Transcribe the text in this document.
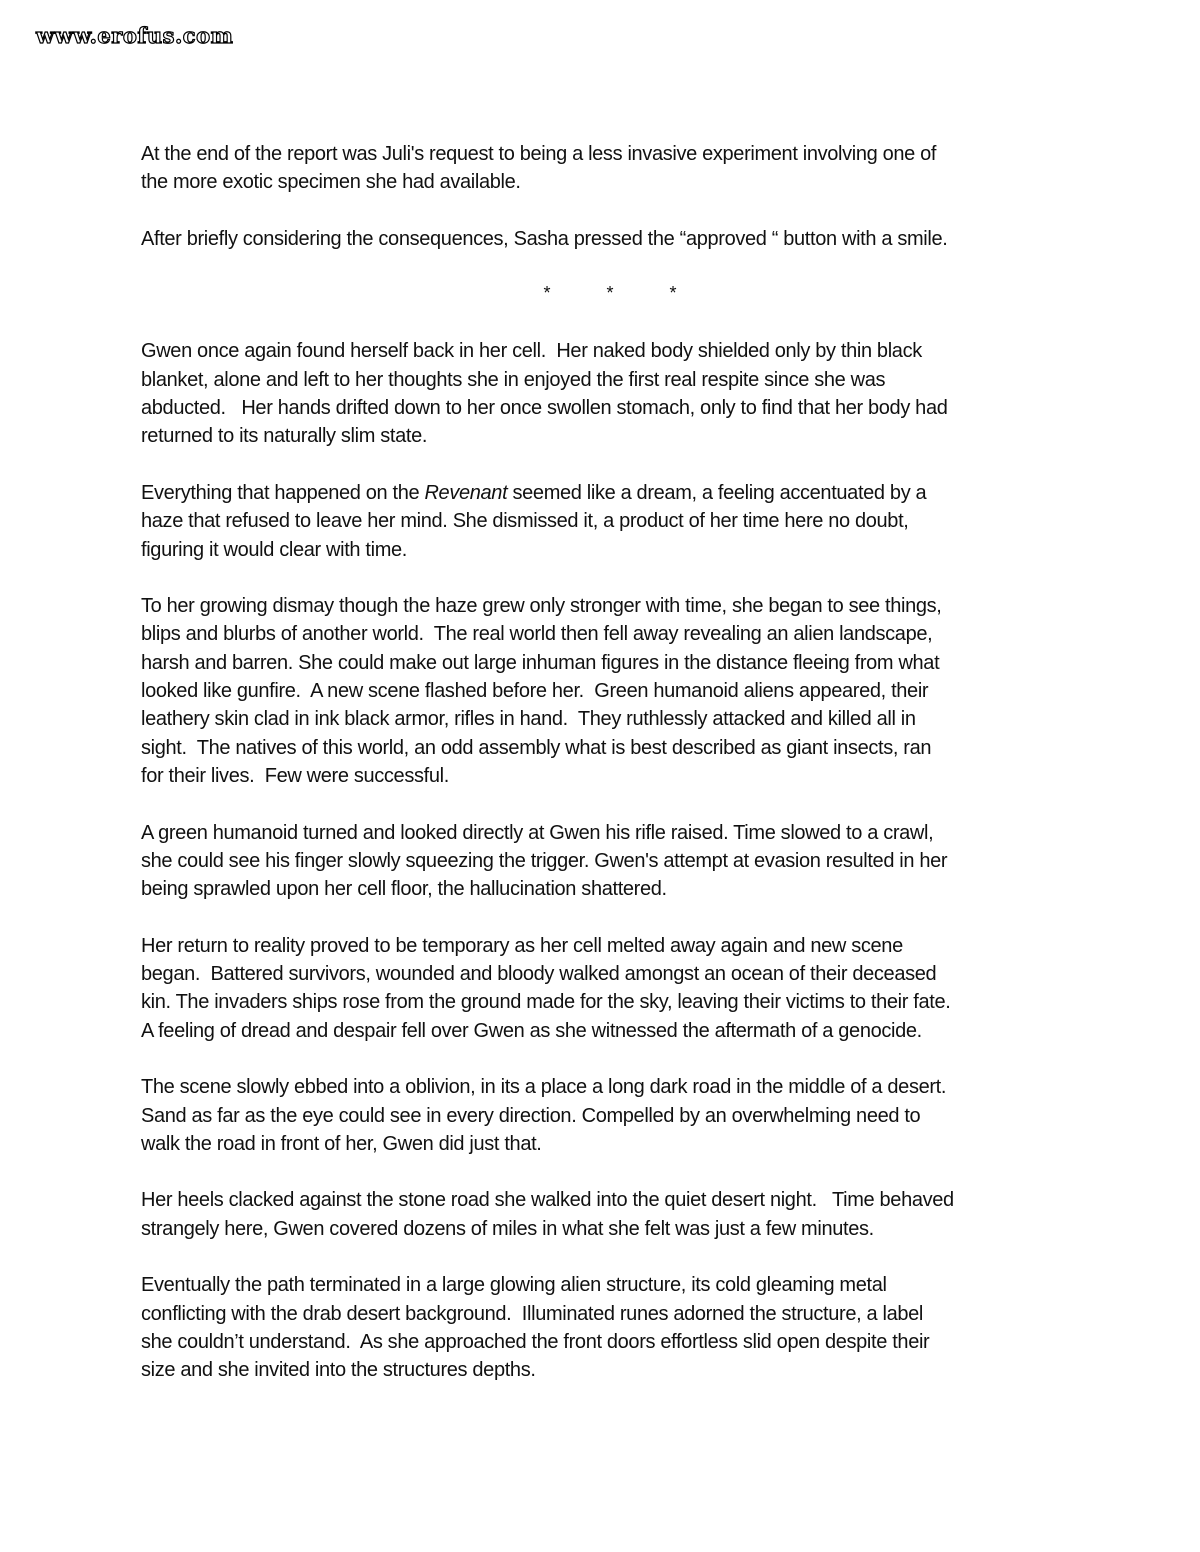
www.erofus.com

At the end of the report was Juli's request to being a less invasive experiment involving one of
the more exotic specimen she had available.

After briefly considering the consequences, Sasha pressed the “approved “ button with a smile.

*	*	*

Gwen once again found herself back in her cell.  Her naked body shielded only by thin black
blanket, alone and left to her thoughts she in enjoyed the first real respite since she was
abducted.   Her hands drifted down to her once swollen stomach, only to find that her body had
returned to its naturally slim state.

Everything that happened on the Revenant seemed like a dream, a feeling accentuated by a
haze that refused to leave her mind. She dismissed it, a product of her time here no doubt,
figuring it would clear with time.

To her growing dismay though the haze grew only stronger with time, she began to see things,
blips and blurbs of another world.  The real world then fell away revealing an alien landscape,
harsh and barren. She could make out large inhuman figures in the distance fleeing from what
looked like gunfire.  A new scene flashed before her.  Green humanoid aliens appeared, their
leathery skin clad in ink black armor, rifles in hand.  They ruthlessly attacked and killed all in
sight.  The natives of this world, an odd assembly what is best described as giant insects, ran
for their lives.  Few were successful.

A green humanoid turned and looked directly at Gwen his rifle raised. Time slowed to a crawl,
she could see his finger slowly squeezing the trigger. Gwen's attempt at evasion resulted in her
being sprawled upon her cell floor, the hallucination shattered.

Her return to reality proved to be temporary as her cell melted away again and new scene
began.  Battered survivors, wounded and bloody walked amongst an ocean of their deceased
kin. The invaders ships rose from the ground made for the sky, leaving their victims to their fate.
A feeling of dread and despair fell over Gwen as she witnessed the aftermath of a genocide.

The scene slowly ebbed into a oblivion, in its a place a long dark road in the middle of a desert.
Sand as far as the eye could see in every direction. Compelled by an overwhelming need to
walk the road in front of her, Gwen did just that.

Her heels clacked against the stone road she walked into the quiet desert night.   Time behaved
strangely here, Gwen covered dozens of miles in what she felt was just a few minutes.

Eventually the path terminated in a large glowing alien structure, its cold gleaming metal
conflicting with the drab desert background.  Illuminated runes adorned the structure, a label
she couldn’t understand.  As she approached the front doors effortless slid open despite their
size and she invited into the structures depths.
